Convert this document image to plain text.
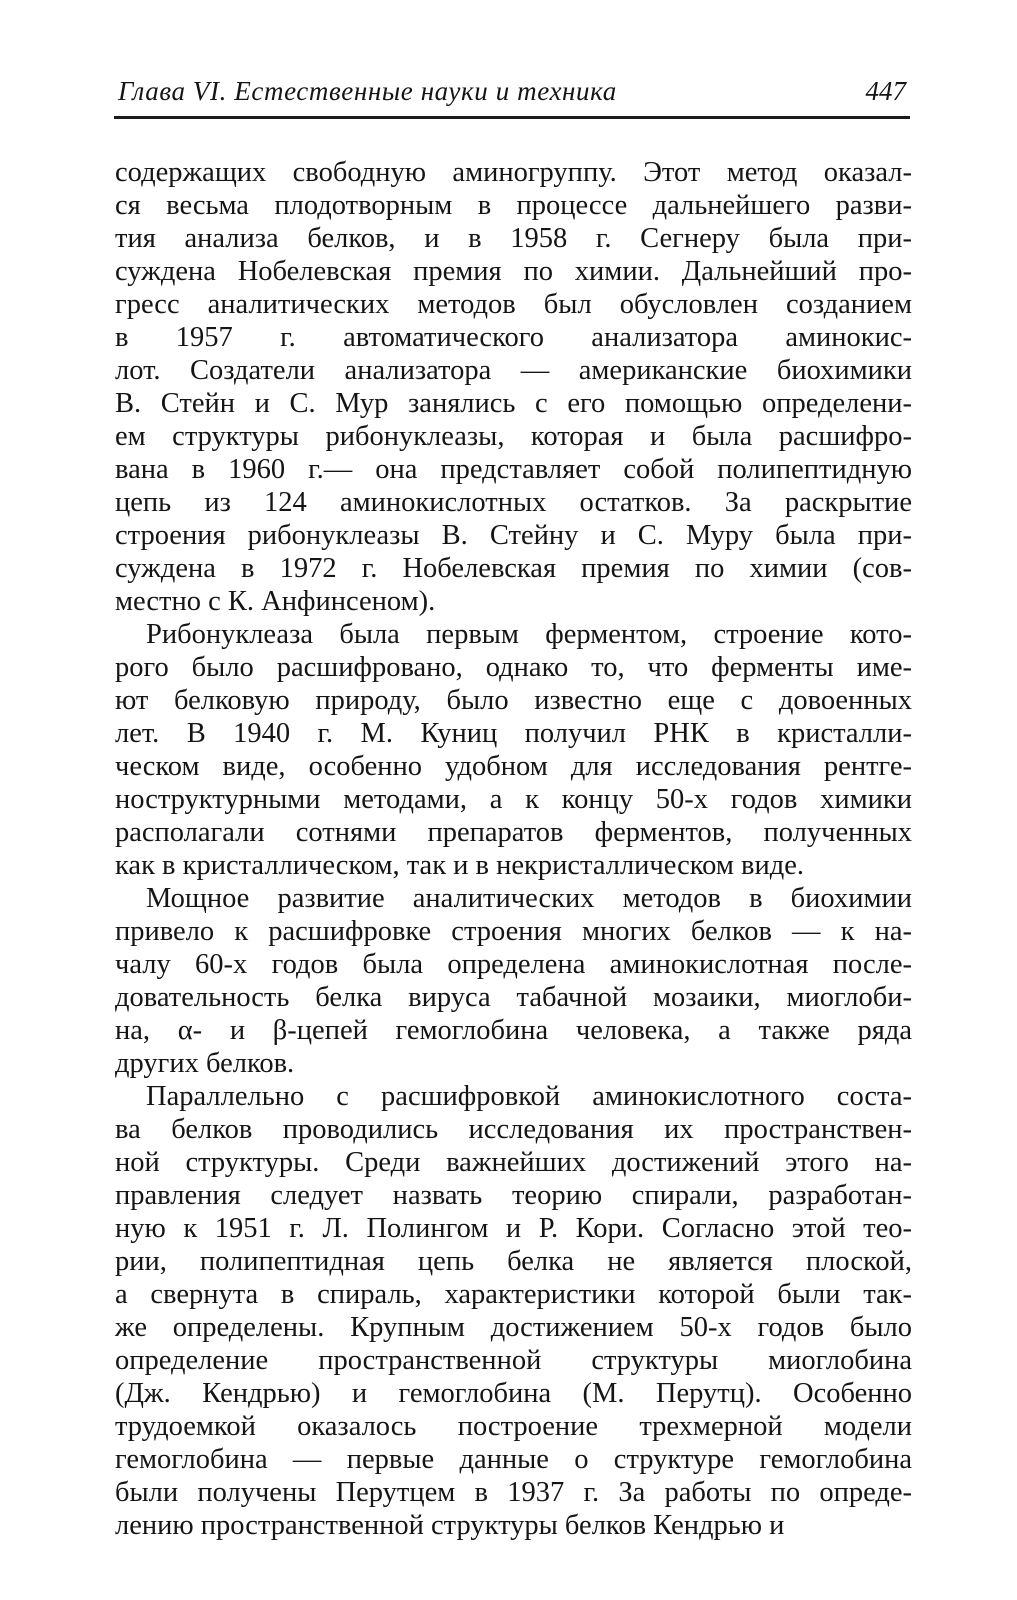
Глава VI. Естественные науки и техника	447
содержащих свободную аминогруппу. Этот метод оказал-
ся весьма плодотворным в процессе дальнейшего разви-
тия анализа белков, и в 1958 г. Сегнеру была при-
суждена Нобелевская премия по химии. Дальнейший про-
гресс аналитических методов был обусловлен созданием
в 1957 г. автоматического анализатора аминокис-
лот. Создатели анализатора — американские биохимики
В. Стейн и С. Мур занялись с его помощью определени-
ем структуры рибонуклеазы, которая и была расшифро-
вана в 1960 г.— она представляет собой полипептидную
цепь из 124 аминокислотных остатков. За раскрытие
строения рибонуклеазы В. Стейну и С. Муру была при-
суждена в 1972 г. Нобелевская премия по химии (сов-
местно с К. Анфинсеном).
Рибонуклеаза была первым ферментом, строение кото-
рого было расшифровано, однако то, что ферменты име-
ют белковую природу, было известно еще с довоенных
лет. В 1940 г. М. Куниц получил РНК в кристалли-
ческом виде, особенно удобном для исследования рентге-
ноструктурными методами, а к концу 50-х годов химики
располагали сотнями препаратов ферментов, полученных
как в кристаллическом, так и в некристаллическом виде.
Мощное развитие аналитических методов в биохимии
привело к расшифровке строения многих белков — к на-
чалу 60-х годов была определена аминокислотная после-
довательность белка вируса табачной мозаики, миоглоби-
на, α- и β-цепей гемоглобина человека, а также ряда
других белков.
Параллельно с расшифровкой аминокислотного соста-
ва белков проводились исследования их пространствен-
ной структуры. Среди важнейших достижений этого на-
правления следует назвать теорию спирали, разработан-
ную к 1951 г. Л. Полингом и Р. Кори. Согласно этой тео-
рии, полипептидная цепь белка не является плоской,
а свернута в спираль, характеристики которой были так-
же определены. Крупным достижением 50-х годов было
определение пространственной структуры миоглобина
(Дж. Кендрью) и гемоглобина (М. Перутц). Особенно
трудоемкой оказалось построение трехмерной модели
гемоглобина — первые данные о структуре гемоглобина
были получены Перутцем в 1937 г. За работы по опреде-
лению пространственной структуры белков Кендрью и
